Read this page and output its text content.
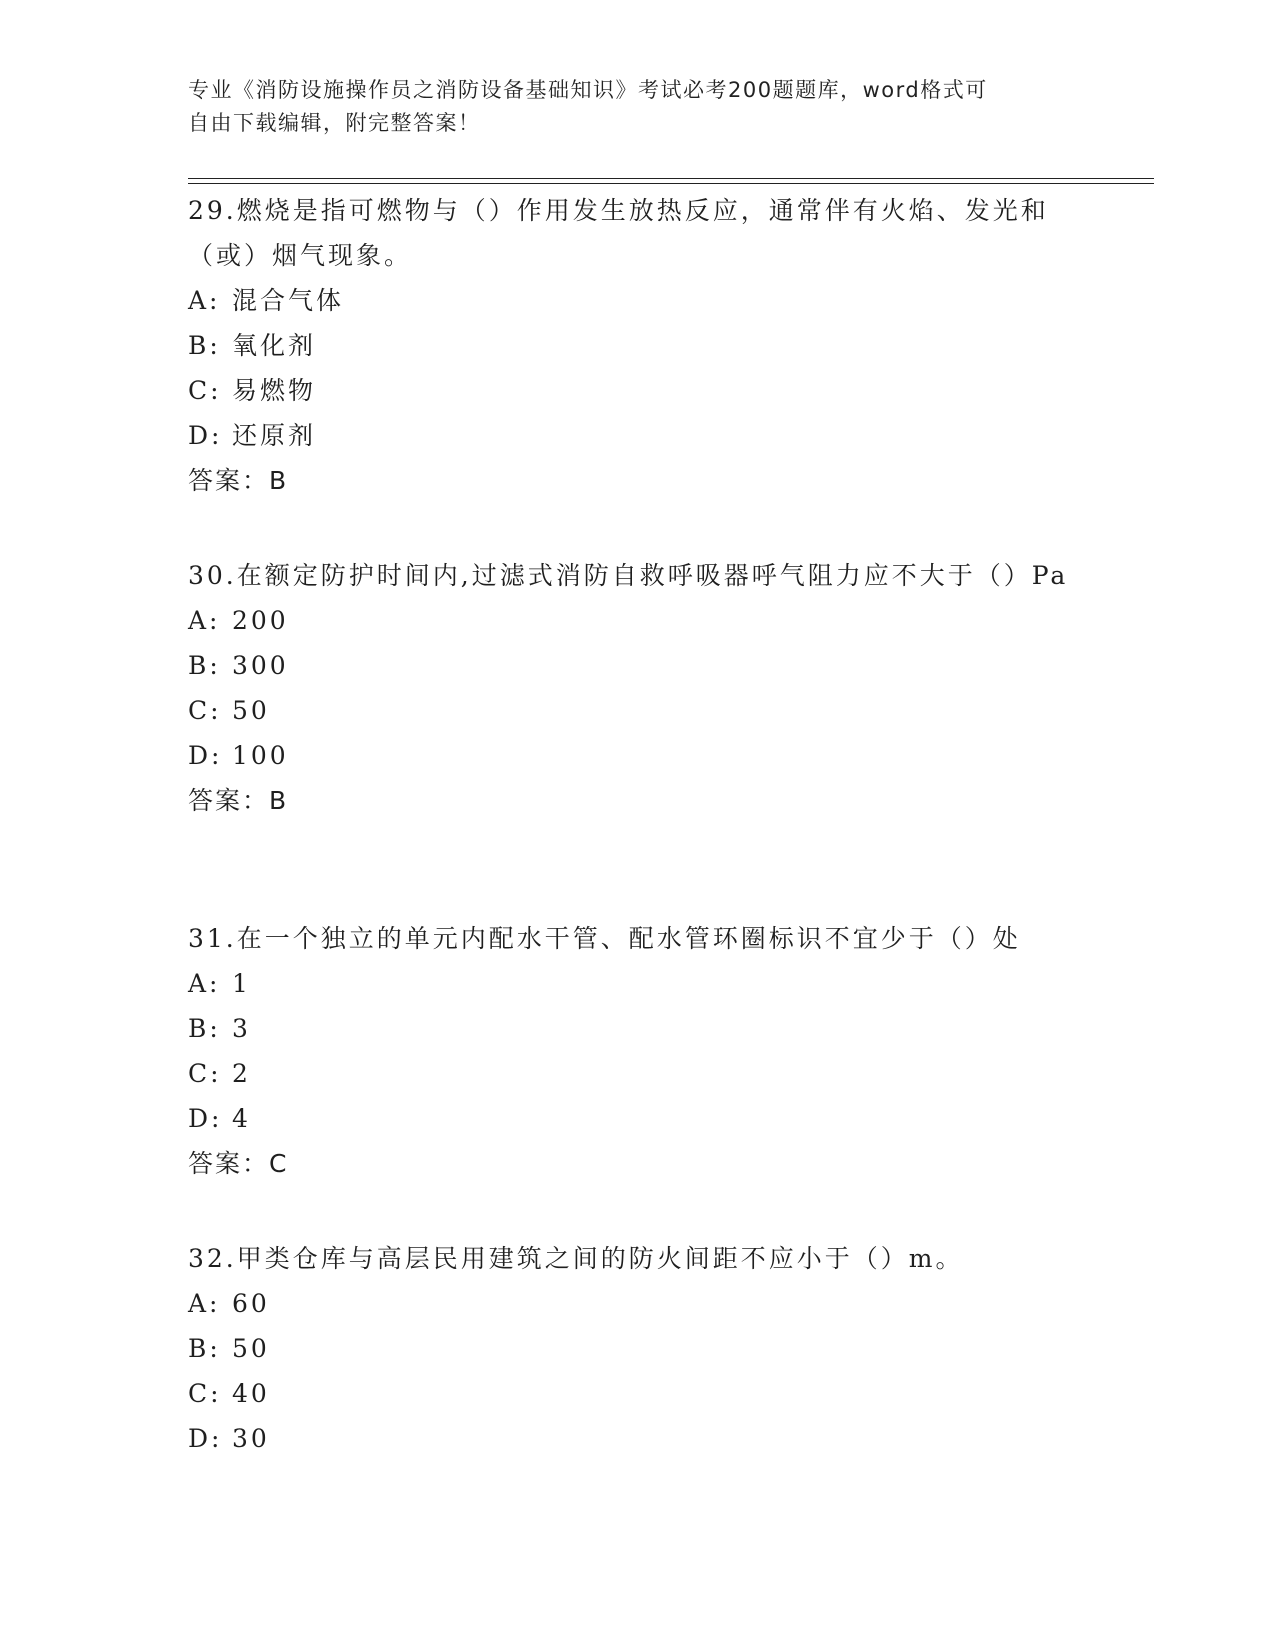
专业《消防设施操作员之消防设备基础知识》考试必考200题题库，word格式可
自由下载编辑，附完整答案！

29.燃烧是指可燃物与（）作用发生放热反应，通常伴有火焰、发光和（或）烟气现象。

A: 混合气体
B: 氧化剂
C: 易燃物
D: 还原剂
答案：B

30.在额定防护时间内,过滤式消防自救呼吸器呼气阻力应不大于（）Pa

A: 200
B: 300
C: 50
D: 100
答案：B

31.在一个独立的单元内配水干管、配水管环圈标识不宜少于（）处

A: 1
B: 3
C: 2
D: 4
答案：C

32.甲类仓库与高层民用建筑之间的防火间距不应小于（）m。

A: 60
B: 50
C: 40
D: 30
